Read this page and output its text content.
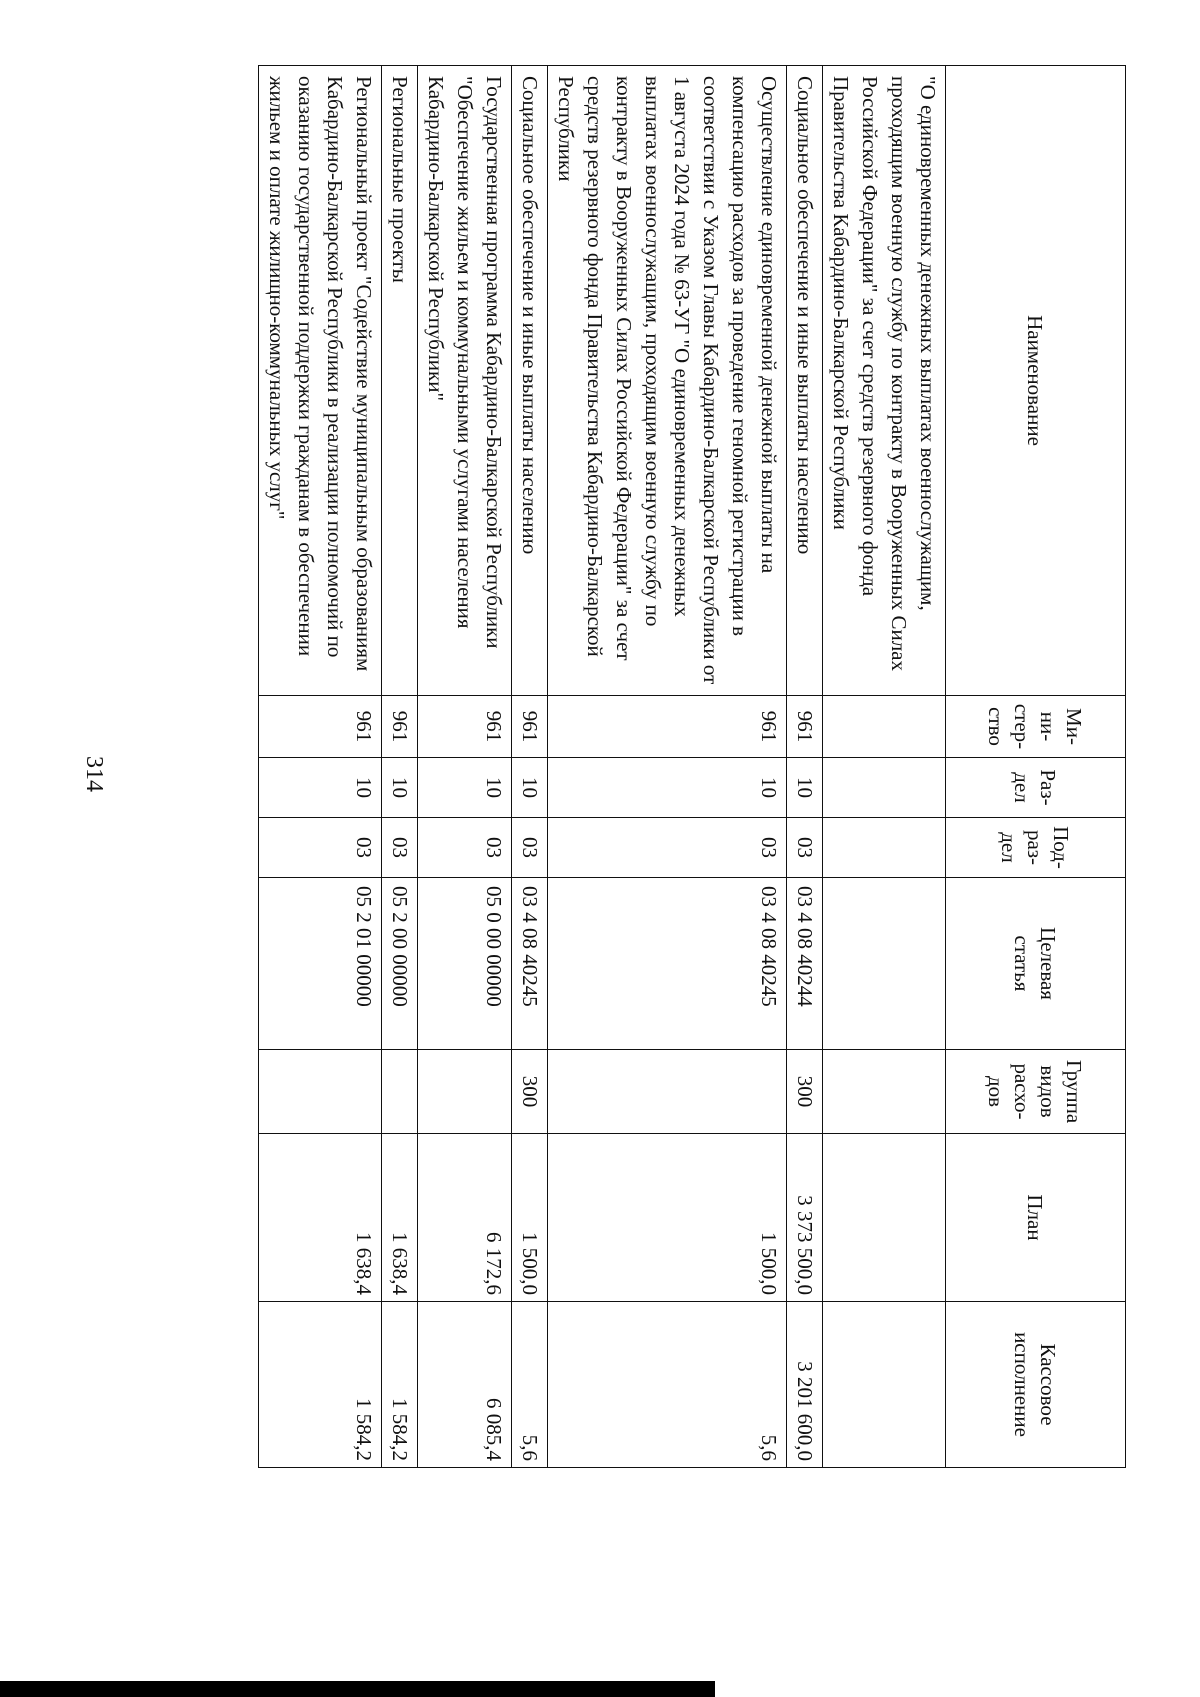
314
Наименование	Ми-
ни-
стер-
ство	Раз-
дел	Под-
раз-
дел	Целевая
статья	Группа
видов
расхо-
дов	План	Кассовое
исполнение
"О единовременных денежных выплатах военнослужащим, проходящим военную службу по контракту в Вооруженных Силах Российской Федерации" за счет средств резервного фонда Правительства Кабардино-Балкарской Республики							
Социальное обеспечение и иные выплаты населению	961	10	03	03 4 08 40244	300	3 373 500,0	3 201 600,0
Осуществление единовременной денежной выплаты на компенсацию расходов за проведение геномной регистрации в соответствии с Указом Главы Кабардино-Балкарской Республики от 1 августа 2024 года № 63-УГ "О единовременных денежных выплатах военнослужащим, проходящим военную службу по контракту в Вооруженных Силах Российской Федерации" за счет средств резервного фонда Правительства Кабардино-Балкарской Республики	961	10	03	03 4 08 40245		1 500,0	5,6
Социальное обеспечение и иные выплаты населению	961	10	03	03 4 08 40245	300	1 500,0	5,6
Государственная программа Кабардино-Балкарской Республики "Обеспечение жильем и коммунальными услугами населения Кабардино-Балкарской Республики"	961	10	03	05 0 00 00000		6 172,6	6 085,4
Региональные проекты	961	10	03	05 2 00 00000		1 638,4	1 584,2
Региональный проект "Содействие муниципальным образованиям Кабардино-Балкарской Республики в реализации полномочий по оказанию государственной поддержки гражданам в обеспечении жильем и оплате жилищно-коммунальных услуг"	961	10	03	05 2 01 00000		1 638,4	1 584,2
